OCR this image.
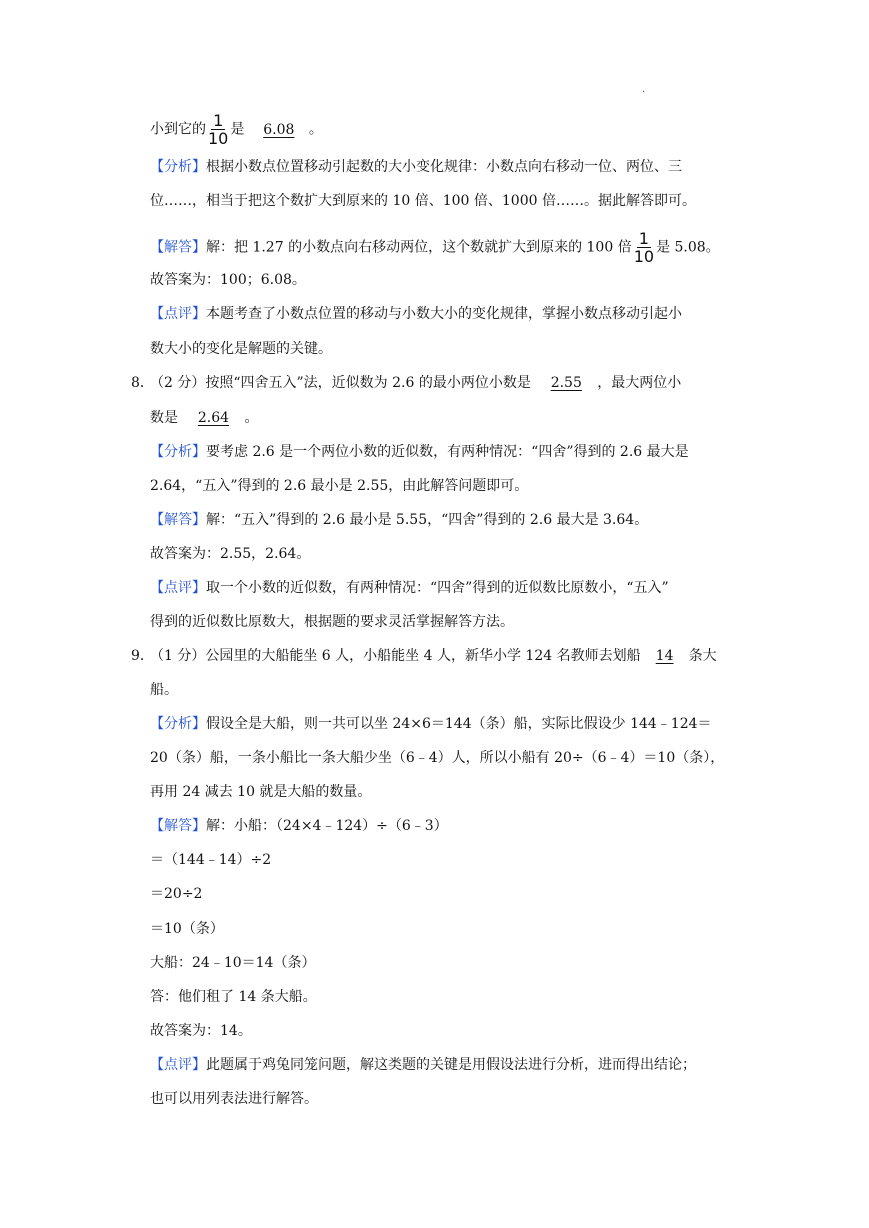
.
小到它的 $\frac{1}{10}$ 是 6.08 。
【分析】根据小数点位置移动引起数的大小变化规律：小数点向右移动一位、两位、三
位……，相当于把这个数扩大到原来的 10 倍、100 倍、1000 倍……。据此解答即可。
【解答】解：把 1.27 的小数点向右移动两位，这个数就扩大到原来的 100 倍 $\frac{1}{10}$ 是 5.08。
故答案为：100；6.08。
【点评】本题考查了小数点位置的移动与小数大小的变化规律，掌握小数点移动引起小
数大小的变化是解题的关键。
8．
（2 分）按照“四舍五入”法，近似数为 2.6 的最小两位小数是 2.55 ，最大两位小
数是 2.64 。
【分析】要考虑 2.6 是一个两位小数的近似数，有两种情况：“四舍”得到的 2.6 最大是
2.64，“五入”得到的 2.6 最小是 2.55，由此解答问题即可。
【解答】解：“五入”得到的 2.6 最小是 5.55，“四舍”得到的 2.6 最大是 3.64。
故答案为：2.55，2.64。
【点评】取一个小数的近似数，有两种情况：“四舍”得到的近似数比原数小，“五入”
得到的近似数比原数大，根据题的要求灵活掌握解答方法。
9．
（1 分）公园里的大船能坐 6 人，小船能坐 4 人，新华小学 124 名教师去划船 14 条大
船。
【分析】假设全是大船，则一共可以坐 24×6＝144（条）船，实际比假设少 144﹣124＝
20（条）船，一条小船比一条大船少坐（6﹣4）人，所以小船有 20÷（6﹣4）＝10（条），
再用 24 减去 10 就是大船的数量。
【解答】解：小船：（24×4﹣124）÷（6﹣3）
＝（144﹣14）÷2
＝20÷2
＝10（条）
大船：24﹣10＝14（条）
答：他们租了 14 条大船。
故答案为：14。
【点评】此题属于鸡兔同笼问题，解这类题的关键是用假设法进行分析，进而得出结论；
也可以用列表法进行解答。
